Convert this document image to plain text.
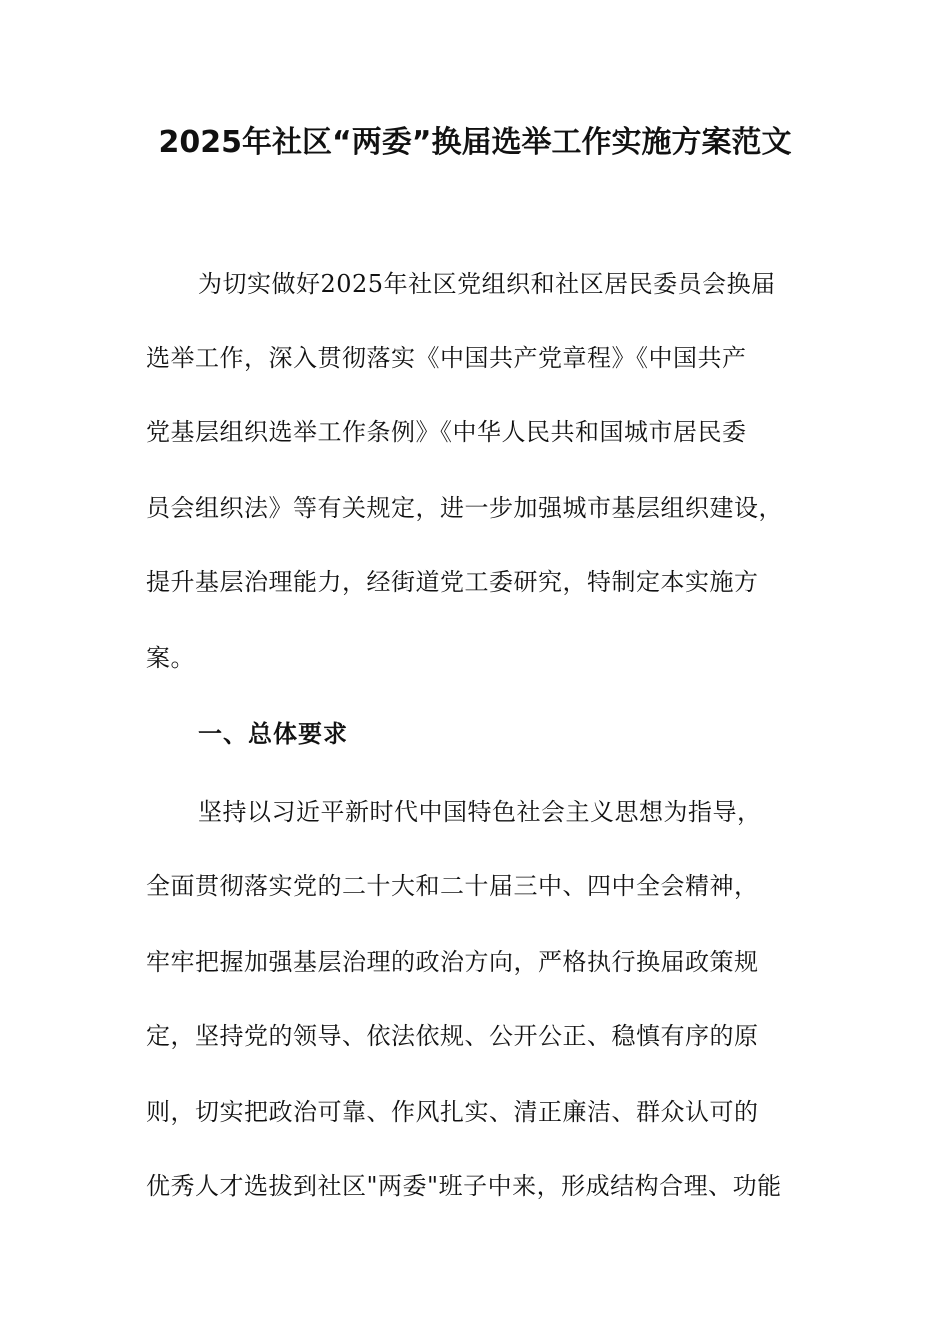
2025年社区“两委”换届选举工作实施方案范文
为切实做好2025年社区党组织和社区居民委员会换届
选举工作，深入贯彻落实《中国共产党章程》《中国共产
党基层组织选举工作条例》《中华人民共和国城市居民委
员会组织法》等有关规定，进一步加强城市基层组织建设，
提升基层治理能力，经街道党工委研究，特制定本实施方
案。
一、总体要求
坚持以习近平新时代中国特色社会主义思想为指导，
全面贯彻落实党的二十大和二十届三中、四中全会精神，
牢牢把握加强基层治理的政治方向，严格执行换届政策规
定，坚持党的领导、依法依规、公开公正、稳慎有序的原
则，切实把政治可靠、作风扎实、清正廉洁、群众认可的
优秀人才选拔到社区"两委"班子中来，形成结构合理、功能
